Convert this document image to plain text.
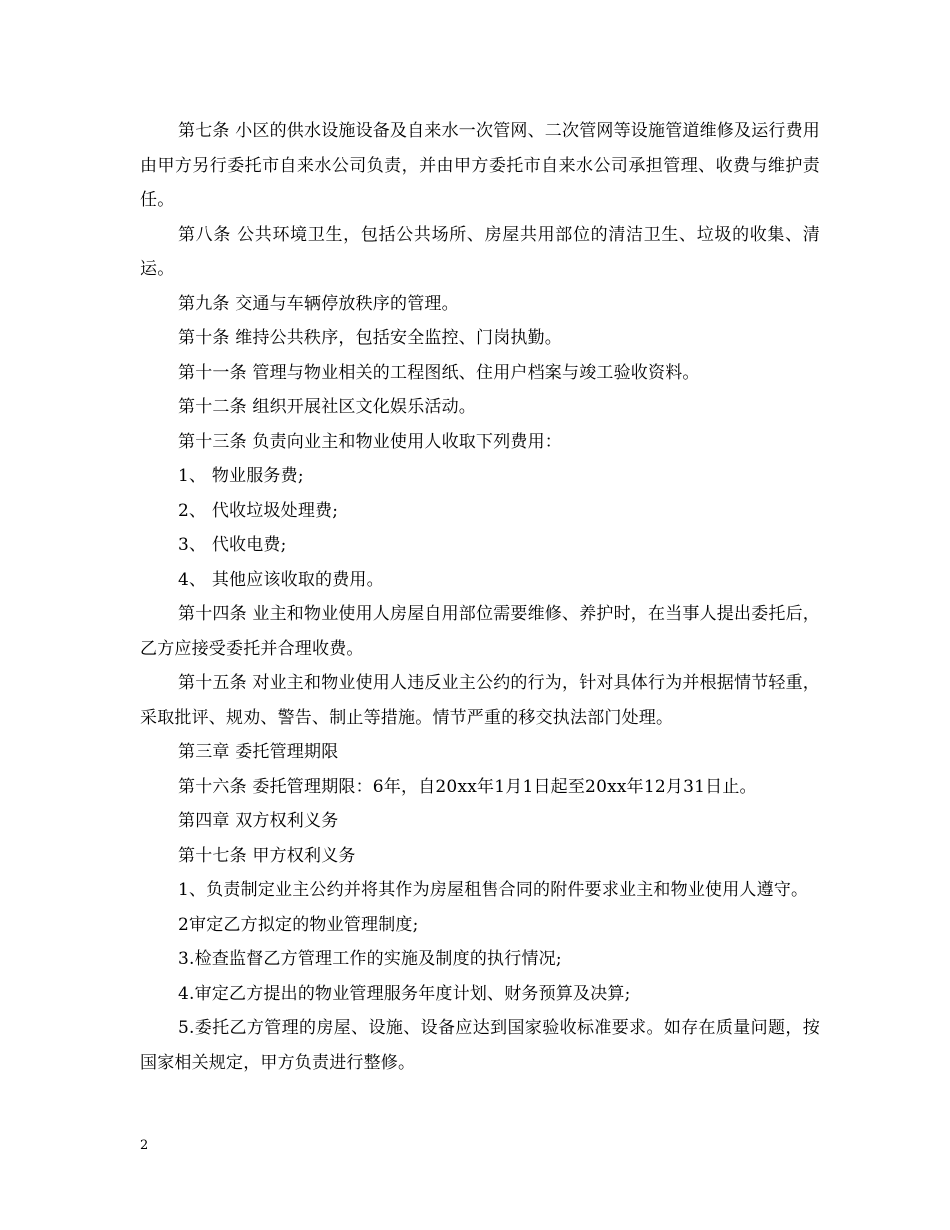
第七条 小区的供水设施设备及自来水一次管网、二次管网等设施管道维修及运行费用由甲方另行委托市自来水公司负责，并由甲方委托市自来水公司承担管理、收费与维护责任。

第八条 公共环境卫生，包括公共场所、房屋共用部位的清洁卫生、垃圾的收集、清运。

第九条 交通与车辆停放秩序的管理。

第十条 维持公共秩序，包括安全监控、门岗执勤。

第十一条 管理与物业相关的工程图纸、住用户档案与竣工验收资料。

第十二条 组织开展社区文化娱乐活动。

第十三条 负责向业主和物业使用人收取下列费用：

1、 物业服务费;

2、 代收垃圾处理费;

3、 代收电费;

4、 其他应该收取的费用。

第十四条 业主和物业使用人房屋自用部位需要维修、养护时，在当事人提出委托后，乙方应接受委托并合理收费。

第十五条 对业主和物业使用人违反业主公约的行为，针对具体行为并根据情节轻重，采取批评、规劝、警告、制止等措施。情节严重的移交执法部门处理。

第三章 委托管理期限

第十六条 委托管理期限：6年，自20xx年1月1日起至20xx年12月31日止。

第四章 双方权利义务

第十七条 甲方权利义务

1、负责制定业主公约并将其作为房屋租售合同的附件要求业主和物业使用人遵守。

2审定乙方拟定的物业管理制度;

3.检查监督乙方管理工作的实施及制度的执行情况;

4.审定乙方提出的物业管理服务年度计划、财务预算及决算;

5.委托乙方管理的房屋、设施、设备应达到国家验收标准要求。如存在质量问题，按国家相关规定，甲方负责进行整修。

2
